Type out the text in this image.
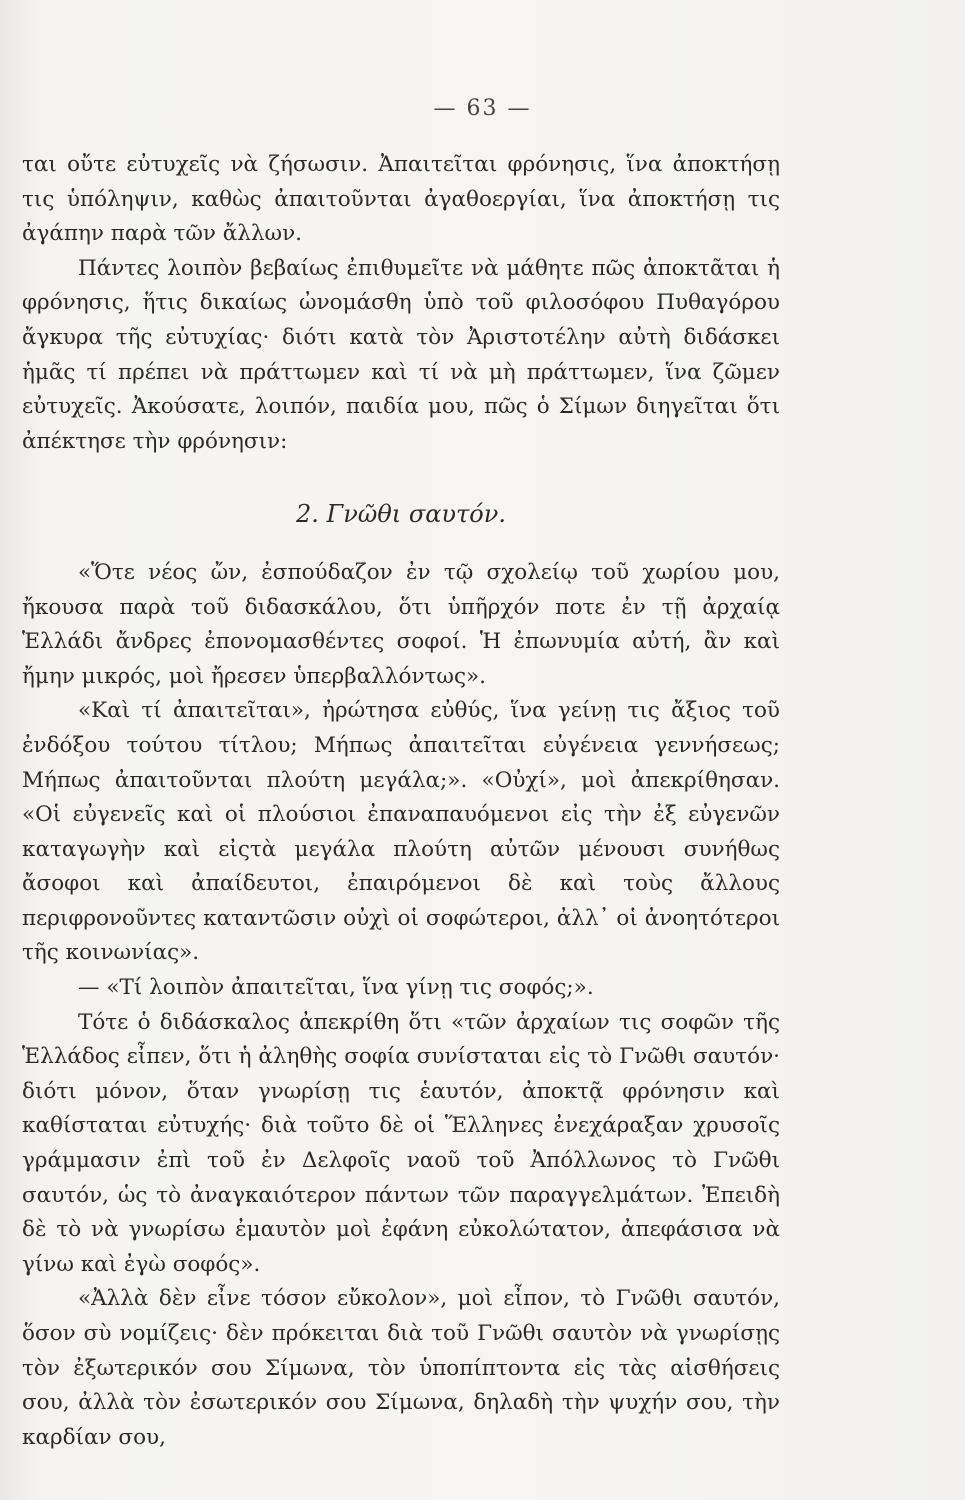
— 63 —

ται οὔτε εὐτυχεῖς νὰ ζήσωσιν. Ἀπαιτεῖται φρόνησις, ἵνα ἀποκτήσῃ τις ὑπόληψιν, καθὼς ἀπαιτοῦνται ἀγαθοεργίαι, ἵνα ἀποκτήσῃ τις ἀγάπην παρὰ τῶν ἄλλων.

Πάντες λοιπὸν βεβαίως ἐπιθυμεῖτε νὰ μάθητε πῶς ἀποκτᾶται ἡ φρόνησις, ἥτις δικαίως ὠνομάσθη ὑπὸ τοῦ φιλοσόφου Πυθαγόρου ἄγκυρα τῆς εὐτυχίας· διότι κατὰ τὸν Ἀριστοτέλην αὐτὴ διδάσκει ἡμᾶς τί πρέπει νὰ πράττωμεν καὶ τί νὰ μὴ πράττωμεν, ἵνα ζῶμεν εὐτυχεῖς. Ἀκούσατε, λοιπόν, παιδία μου, πῶς ὁ Σίμων διηγεῖται ὅτι ἀπέκτησε τὴν φρόνησιν:

2. Γνῶθι σαυτόν.

«Ὅτε νέος ὤν, ἐσπούδαζον ἐν τῷ σχολείῳ τοῦ χωρίου μου, ἤκουσα παρὰ τοῦ διδασκάλου, ὅτι ὑπῆρχόν ποτε ἐν τῇ ἀρχαίᾳ Ἑλλάδι ἄνδρες ἐπονομασθέντες σοφοί. Ἡ ἐπωνυμία αὐτή, ἂν καὶ ἤμην μικρός, μοὶ ἤρεσεν ὑπερβαλλόντως».

«Καὶ τί ἀπαιτεῖται», ἠρώτησα εὐθύς, ἵνα γείνῃ τις ἄξιος τοῦ ἐνδόξου τούτου τίτλου; Μήπως ἀπαιτεῖται εὐγένεια γεννήσεως; Μήπως ἀπαιτοῦνται πλούτη μεγάλα;». «Οὐχί», μοὶ ἀπεκρίθησαν. «Οἱ εὐγενεῖς καὶ οἱ πλούσιοι ἐπαναπαυόμενοι εἰς τὴν ἐξ εὐγενῶν καταγωγὴν καὶ εἰςτὰ μεγάλα πλούτη αὐτῶν μένουσι συνήθως ἄσοφοι καὶ ἀπαίδευτοι, ἐπαιρόμενοι δὲ καὶ τοὺς ἄλλους περιφρονοῦντες καταντῶσιν οὐχὶ οἱ σοφώτεροι, ἀλλ᾽ οἱ ἀνοητότεροι τῆς κοινωνίας».

— «Τί λοιπὸν ἀπαιτεῖται, ἵνα γίνῃ τις σοφός;».

Τότε ὁ διδάσκαλος ἀπεκρίθη ὅτι «τῶν ἀρχαίων τις σοφῶν τῆς Ἑλλάδος εἶπεν, ὅτι ἡ ἀληθὴς σοφία συνίσταται εἰς τὸ Γνῶθι σαυτόν· διότι μόνον, ὅταν γνωρίσῃ τις ἑαυτόν, ἀποκτᾷ φρόνησιν καὶ καθίσταται εὐτυχής· διὰ τοῦτο δὲ οἱ Ἕλληνες ἐνεχάραξαν χρυσοῖς γράμμασιν ἐπὶ τοῦ ἐν Δελφοῖς ναοῦ τοῦ Ἀπόλλωνος τὸ Γνῶθι σαυτόν, ὡς τὸ ἀναγκαιότερον πάντων τῶν παραγγελμάτων. Ἐπειδὴ δὲ τὸ νὰ γνωρίσω ἐμαυτὸν μοὶ ἐφάνη εὐκολώτατον, ἀπεφάσισα νὰ γίνω καὶ ἐγὼ σοφός».

«Ἀλλὰ δὲν εἶνε τόσον εὔκολον», μοὶ εἶπον, τὸ Γνῶθι σαυτόν, ὅσον σὺ νομίζεις· δὲν πρόκειται διὰ τοῦ Γνῶθι σαυτὸν νὰ γνωρίσῃς τὸν ἐξωτερικόν σου Σίμωνα, τὸν ὑποπίπτοντα εἰς τὰς αἰσθήσεις σου, ἀλλὰ τὸν ἐσωτερικόν σου Σίμωνα, δηλαδὴ τὴν ψυχήν σου, τὴν καρδίαν σου,
